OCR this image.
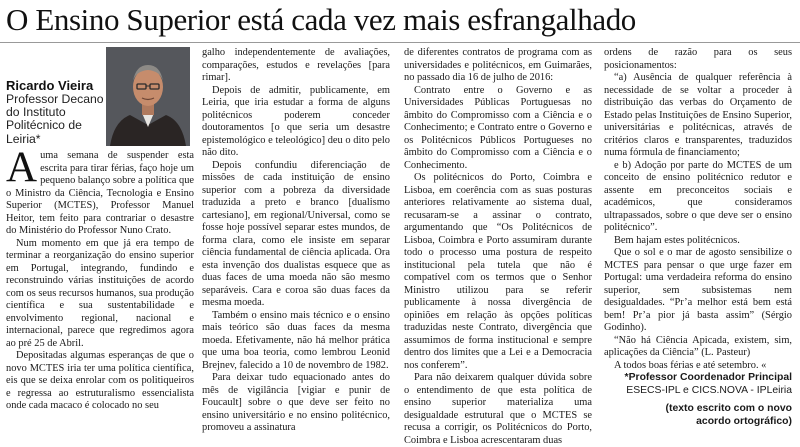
O Ensino Superior está cada vez mais esfrangalhado
Ricardo Vieira
Professor Decano do Instituto Politécnico de Leiria*

Auma semana de suspender esta escrita para tirar férias, faço hoje um pequeno balanço sobre a política que o Ministro da Ciência, Tecnologia e Ensino Superior (MCTES), Professor Manuel Heitor, tem feito para contrariar o desastre do Ministério do Professor Nuno Crato.

Num momento em que já era tempo de terminar a reorganização do ensino superior em Portugal, integrando, fundindo e reconstruindo várias instituições de acordo com os seus recursos humanos, sua produção científica e sua sustentabilidade e envolvimento regional, nacional e internacional, parece que regredimos agora ao pré 25 de Abril.

Depositadas algumas esperanças de que o novo MCTES iria ter uma política científica, eis que se deixa enrolar com os politiqueiros e regressa ao estruturalismo essencialista onde cada macaco é colocado no seu

galho independentemente de avaliações, comparações, estudos e revelações [para rimar].

Depois de admitir, publicamente, em Leiria, que iria estudar a forma de alguns politécnicos poderem conceder doutoramentos [o que seria um desastre epistemológico e teleológico] deu o dito pelo não dito.

Depois confundiu diferenciação de missões de cada instituição de ensino superior com a pobreza da diversidade traduzida a preto e branco [dualismo cartesiano], em regional/Universal, como se fosse hoje possível separar estes mundos, de forma clara, como ele insiste em separar ciência fundamental de ciência aplicada. Ora esta invenção dos dualistas esquece que as duas faces de uma moeda não são mesmo separáveis. Cara e coroa são duas faces da mesma moeda.

Também o ensino mais técnico e o ensino mais teórico são duas faces da mesma moeda. Efetivamente, não há melhor prática que uma boa teoria, como lembrou Leonid Brejnev, falecido a 10 de novembro de 1982.

Para deixar tudo equacionado antes do mês de vigilância [vigiar e punir de Foucault] sobre o que deve ser feito no ensino universitário e no ensino politécnico, promoveu a assinatura

de diferentes contratos de programa com as universidades e politécnicos, em Guimarães, no passado dia 16 de julho de 2016:

Contrato entre o Governo e as Universidades Públicas Portuguesas no âmbito do Compromisso com a Ciência e o Conhecimento; e Contrato entre o Governo e os Politécnicos Públicos Portugueses no âmbito do Compromisso com a Ciência e o Conhecimento.

Os politécnicos do Porto, Coimbra e Lisboa, em coerência com as suas posturas anteriores relativamente ao sistema dual, recusaram-se a assinar o contrato, argumentando que “Os Politécnicos de Lisboa, Coimbra e Porto assumiram durante todo o processo uma postura de respeito institucional pela tutela que não é compatível com os termos que o Senhor Ministro utilizou para se referir publicamente à nossa divergência de opiniões em relação às opções políticas traduzidas neste Contrato, divergência que assumimos de forma institucional e sempre dentro dos limites que a Lei e a Democracia nos conferem”.

Para não deixarem qualquer dúvida sobre o entendimento de que esta política de ensino superior materializa uma desigualdade estrutural que o MCTES se recusa a corrigir, os Politécnicos do Porto, Coimbra e Lisboa acrescentaram duas

ordens de razão para os seus posicionamentos:

“a) Ausência de qualquer referência à necessidade de se voltar a proceder à distribuição das verbas do Orçamento de Estado pelas Instituições de Ensino Superior, universitárias e politécnicas, através de critérios claros e transparentes, traduzidos numa fórmula de financiamento;

e b) Adoção por parte do MCTES de um conceito de ensino politécnico redutor e assente em preconceitos sociais e académicos, que consideramos ultrapassados, sobre o que deve ser o ensino politécnico”.

Bem hajam estes politécnicos.

Que o sol e o mar de agosto sensibilize o MCTES para pensar o que urge fazer em Portugal: uma verdadeira reforma do ensino superior, sem subsistemas nem desigualdades. “Pr’a melhor está bem está bem! Pr’a pior já basta assim” (Sérgio Godinho).

“Não há Ciência Apicada, existem, sim, aplicações da Ciência” (L. Pasteur)

A todos boas férias e até setembro. «

*Professor Coordenador Principal
ESECS-IPL e CICS.NOVA - IPLeiria
(texto escrito com o novo
acordo ortográfico)
